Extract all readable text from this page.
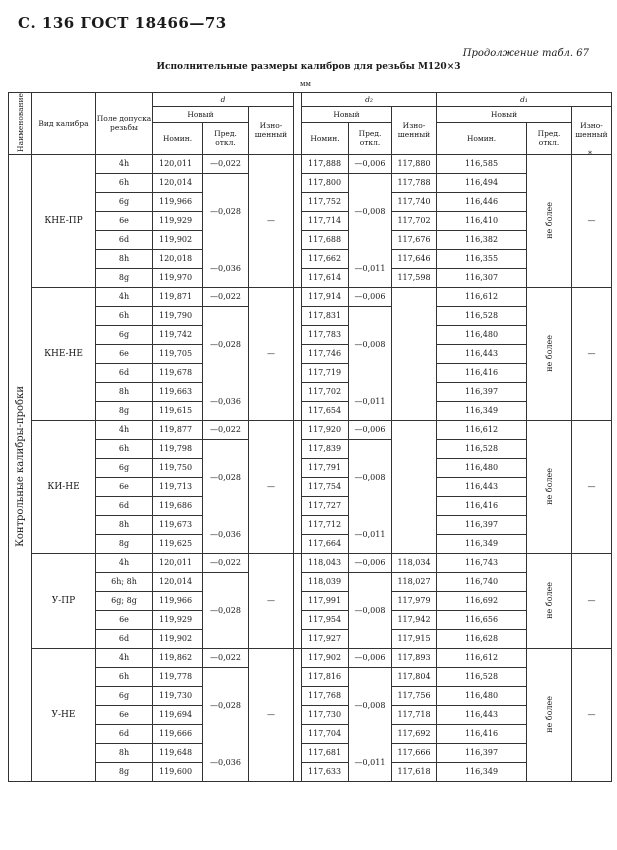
С. 136 ГОСТ 18466—73
Продолжение табл. 67
Исполнительные размеры калибров для резьбы М120×3
мм
*
Наименование	Вид калибра	Поле допуска резьбы	d				d₂			d₁		
			Новый		Изно-шенный		Новый		Изно-шенный	Новый		Изно-шенный
			Номин.	Пред. откл.			Номин.	Пред. откл.		Номин.	Пред. откл.	
Контрольные калибры-пробки	КНЕ-ПР	4h	120,011	—0,022	—		117,888	—0,006	117,880	116,585	не более	—
		6h	120,014	—0,028			117,800	—0,008	117,788	116,494		
		6g	119,966				117,752		117,740	116,446		
		6e	119,929				117,714		117,702	116,410		
		6d	119,902				117,688		117,676	116,382		
		8h	120,018	—0,036			117,662	—0,011	117,646	116,355		
		8g	119,970				117,614		117,598	116,307		
	КНЕ-НЕ	4h	119,871	—0,022	—		117,914	—0,006		116,612	не более	—
		6h	119,790	—0,028			117,831	—0,008		116,528		
		6g	119,742				117,783			116,480		
		6e	119,705				117,746			116,443		
		6d	119,678				117,719			116,416		
		8h	119,663	—0,036			117,702	—0,011		116,397		
		8g	119,615				117,654			116,349		
	КИ-НЕ	4h	119,877	—0,022	—		117,920	—0,006		116,612	не более	—
		6h	119,798	—0,028			117,839	—0,008		116,528		
		6g	119,750				117,791			116,480		
		6e	119,713				117,754			116,443		
		6d	119,686				117,727			116,416		
		8h	119,673	—0,036			117,712	—0,011		116,397		
		8g	119,625				117,664			116,349		
	У-ПР	4h	120,011	—0,022	—		118,043	—0,006	118,034	116,743	не более	—
		6h; 8h	120,014	—0,028			118,039	—0,008	118,027	116,740		
		6g; 8g	119,966				117,991		117,979	116,692		
		6e	119,929				117,954		117,942	116,656		
		6d	119,902				117,927		117,915	116,628		
	У-НЕ	4h	119,862	—0,022	—		117,902	—0,006	117,893	116,612	не более	—
		6h	119,778	—0,028			117,816	—0,008	117,804	116,528		
		6g	119,730				117,768		117,756	116,480		
		6e	119,694				117,730		117,718	116,443		
		6d	119,666				117,704		117,692	116,416		
		8h	119,648	—0,036			117,681	—0,011	117,666	116,397		
		8g	119,600				117,633		117,618	116,349		
